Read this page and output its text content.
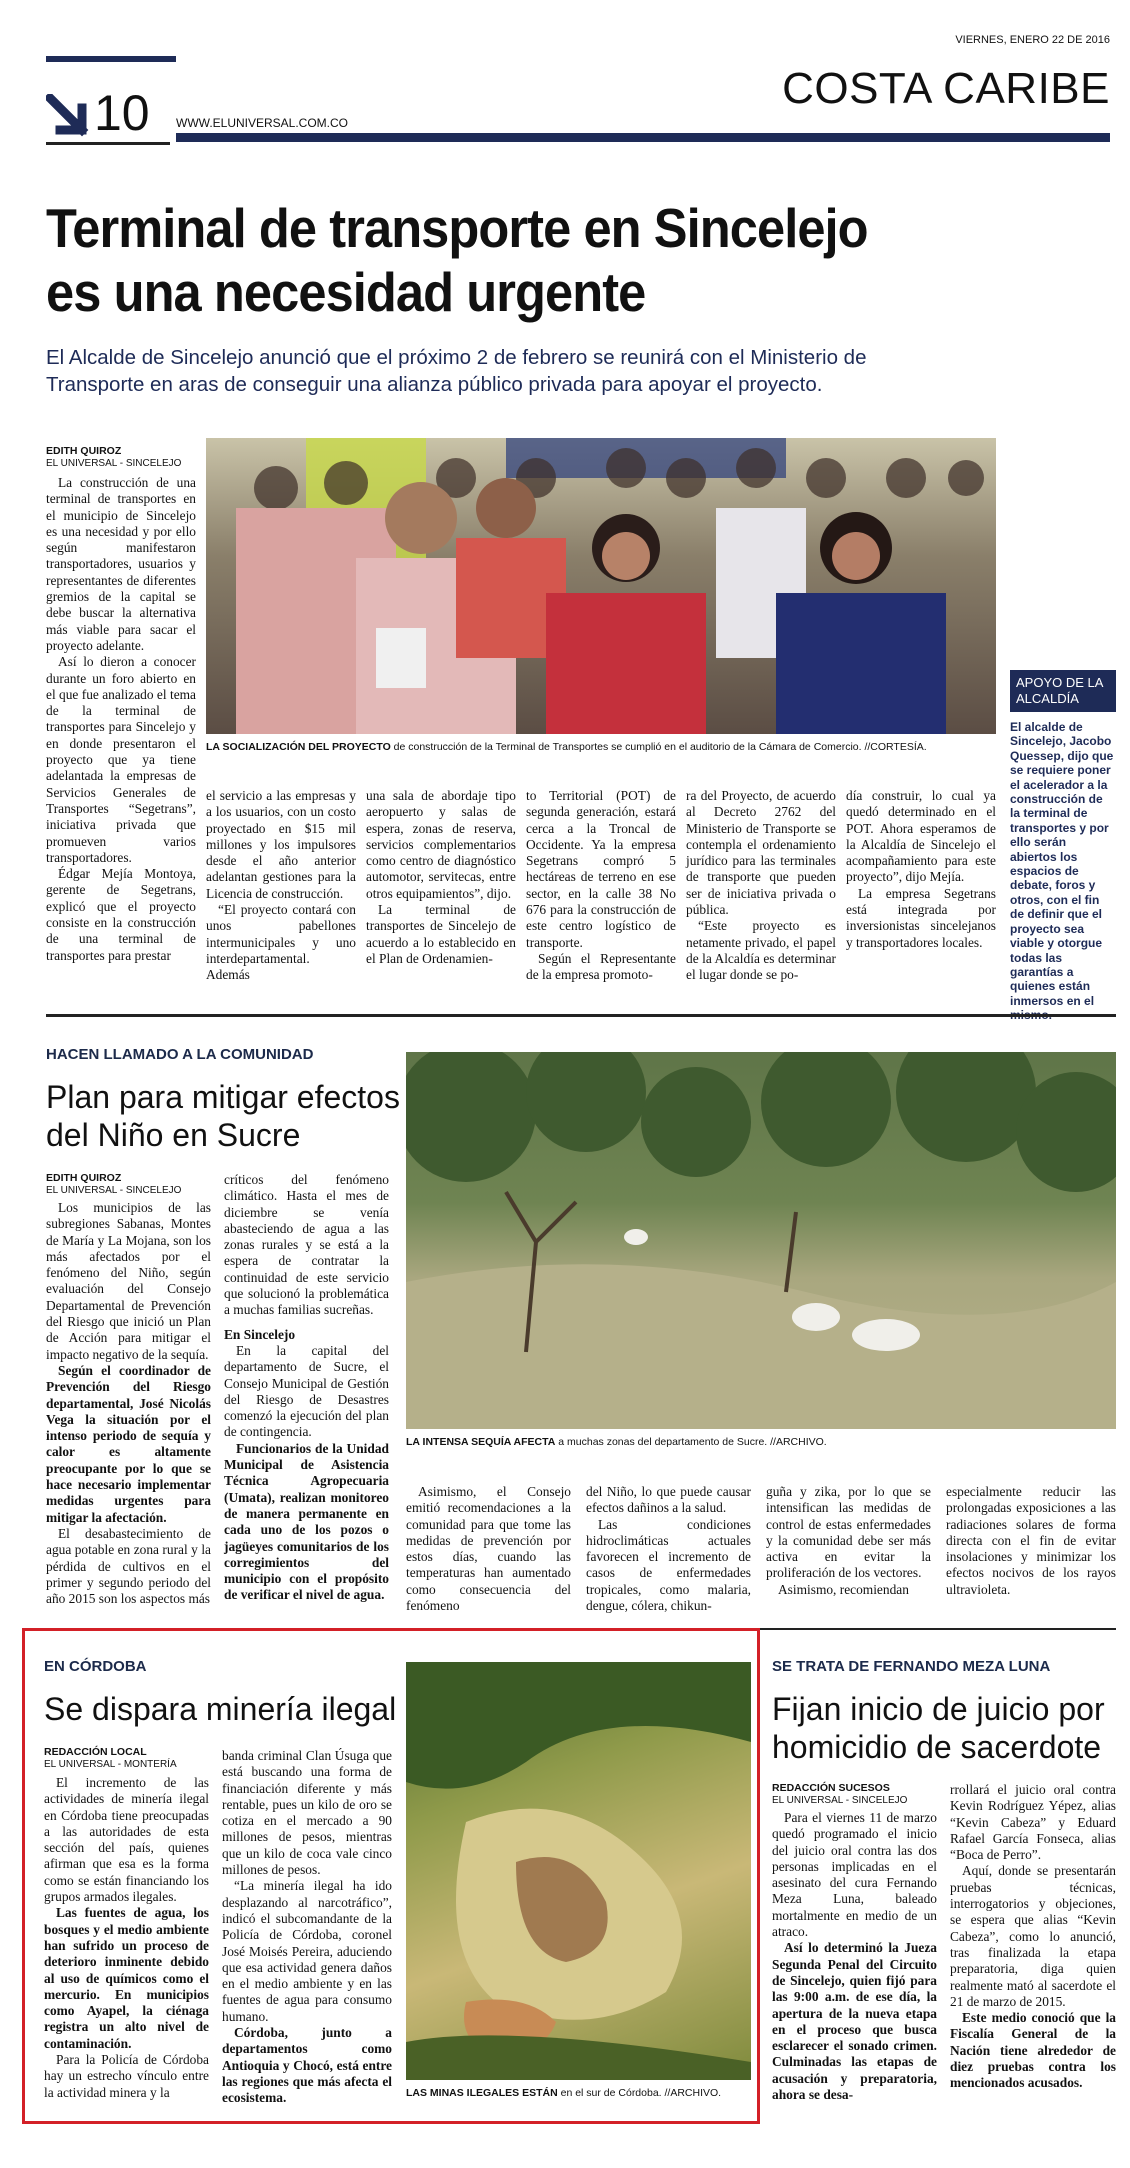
VIERNES, ENERO 22 DE 2016
10 WWW.ELUNIVERSAL.COM.CO
COSTA CARIBE
Terminal de transporte en Sincelejo
es una necesidad urgente
El Alcalde de Sincelejo anunció que el próximo 2 de febrero se reunirá con el Ministerio de
Transporte en aras de conseguir una alianza público privada para apoyar el proyecto.
EDITH QUIROZ
EL UNIVERSAL - SINCELEJO

La construcción de una terminal de transportes en el municipio de Sincelejo es una necesidad y por ello según manifestaron transportadores, usuarios y representantes de diferentes gremios de la capital se debe buscar la alternativa más viable para sacar el proyecto adelante.

Así lo dieron a conocer durante un foro abierto en el que fue analizado el tema de la terminal de transportes para Sincelejo y en donde presentaron el proyecto que ya tiene adelantada la empresas de Servicios Generales de Transportes “Segetrans”, iniciativa privada que promueven varios transportadores.

Édgar Mejía Montoya, gerente de Segetrans, explicó que el proyecto consiste en la construcción de una terminal de transportes para prestar

LA SOCIALIZACIÓN DEL PROYECTO de construcción de la Terminal de Transportes se cumplió en el auditorio de la Cámara de Comercio. //CORTESÍA.

el servicio a las empresas y a los usuarios, con un costo proyectado en $15 mil millones y los impulsores desde el año anterior adelantan gestiones para la Licencia de construcción.

“El proyecto contará con unos pabellones intermunicipales y uno interdepartamental. Además

una sala de abordaje tipo aeropuerto y salas de espera, zonas de reserva, servicios complementarios como centro de diagnóstico automotor, servitecas, entre otros equipamientos”, dijo.

La terminal de transportes de Sincelejo de acuerdo a lo establecido en el Plan de Ordenamien-

to Territorial (POT) de segunda generación, estará cerca a la Troncal de Occidente. Ya la empresa Segetrans compró 5 hectáreas de terreno en ese sector, en la calle 38 No 676 para la construcción de este centro logístico de transporte.

Según el Representante de la empresa promoto-

ra del Proyecto, de acuerdo al Decreto 2762 del Ministerio de Transporte se contempla el ordenamiento jurídico para las terminales de transporte que pueden ser de iniciativa privada o pública.

“Este proyecto es netamente privado, el papel de la Alcaldía es determinar el lugar donde se po-

día construir, lo cual ya quedó determinado en el POT. Ahora esperamos de la Alcaldía de Sincelejo el acompañamiento para este proyecto”, dijo Mejía.

La empresa Segetrans está integrada por inversionistas sincelejanos y transportadores locales.

APOYO DE LA
ALCALDÍA
El alcalde de Sincelejo, Jacobo Quessep, dijo que se requiere poner el acelerador a la construcción de la terminal de transportes y por ello serán abiertos los espacios de debate, foros y otros, con el fin de definir que el proyecto sea viable y otorgue todas las garantías a quienes están inmersos en el
HACEN LLAMADO A LA COMUNIDAD
Plan para mitigar efectos
del Niño en Sucre
EDITH QUIROZ
EL UNIVERSAL - SINCELEJO

Los municipios de las subregiones Sabanas, Montes de María y La Mojana, son los más afectados por el fenómeno del Niño, según evaluación del Consejo Departamental de Prevención del Riesgo que inició un Plan de Acción para mitigar el impacto negativo de la sequía.

Según el coordinador de Prevención del Riesgo departamental, José Nicolás Vega la situación por el intenso periodo de sequía y calor es altamente preocupante por lo que se hace necesario implementar medidas urgentes para mitigar la afectación.

El desabastecimiento de agua potable en zona rural y la pérdida de cultivos en el primer y segundo periodo del año 2015 son los aspectos más

críticos del fenómeno climático. Hasta el mes de diciembre se venía abasteciendo de agua a las zonas rurales y se está a la espera de contratar la continuidad de este servicio que solucionó la problemática a muchas familias sucreñas.

En Sincelejo

En la capital del departamento de Sucre, el Consejo Municipal de Gestión del Riesgo de Desastres comenzó la ejecución del plan de contingencia.

Funcionarios de la Unidad Municipal de Asistencia Técnica Agropecuaria (Umata), realizan monitoreo de manera permanente en cada uno de los pozos o jagüeyes comunitarios de los corregimientos del municipio con el propósito de verificar el nivel de agua.

LA INTENSA SEQUÍA AFECTA a muchas zonas del departamento de Sucre. //ARCHIVO.

Asimismo, el Consejo emitió recomendaciones a la comunidad para que tome las medidas de prevención por estos días, cuando las temperaturas han aumentado como consecuencia del fenómeno

del Niño, lo que puede causar efectos dañinos a la salud.

Las condiciones hidroclimáticas actuales favorecen el incremento de casos de enfermedades tropicales, como malaria, dengue, cólera, chikun-

guña y zika, por lo que se intensifican las medidas de control de estas enfermedades y la comunidad debe ser más activa en evitar la proliferación de los vectores.

Asimismo, recomiendan

especialmente reducir las prolongadas exposiciones a las radiaciones solares de forma directa con el fin de evitar insolaciones y minimizar los efectos nocivos de los rayos ultravioleta.

EN CÓRDOBA
Se dispara minería ilegal
REDACCIÓN LOCAL
EL UNIVERSAL - MONTERÍA

El incremento de las actividades de minería ilegal en Córdoba tiene preocupadas a las autoridades de esta sección del país, quienes afirman que esa es la forma como se están financiando los grupos armados ilegales.

Las fuentes de agua, los bosques y el medio ambiente han sufrido un proceso de deterioro inminente debido al uso de químicos como el mercurio. En municipios como Ayapel, la ciénaga registra un alto nivel de contaminación.

Para la Policía de Córdoba hay un estrecho vínculo entre la actividad minera y la

banda criminal Clan Úsuga que está buscando una forma de financiación diferente y más rentable, pues un kilo de oro se cotiza en el mercado a 90 millones de pesos, mientras que un kilo de coca vale cinco millones de pesos.

“La minería ilegal ha ido desplazando al narcotráfico”, indicó el subcomandante de la Policía de Córdoba, coronel José Moisés Pereira, aduciendo que esa actividad genera daños en el medio ambiente y en las fuentes de agua para consumo humano.

Córdoba, junto a departamentos como Antioquia y Chocó, está entre las regiones que más afecta el ecosistema.	LAS MINAS ILEGALES ESTÁN en el sur de Córdoba. //ARCHIVO.
SE TRATA DE FERNANDO MEZA LUNA
Fijan inicio de juicio por
homicidio de sacerdote
REDACCIÓN SUCESOS
EL UNIVERSAL - SINCELEJO

Para el viernes 11 de marzo quedó programado el inicio del juicio oral contra las dos personas implicadas en el asesinato del cura Fernando Meza Luna, baleado mortalmente en medio de un atraco.

Así lo determinó la Jueza Segunda Penal del Circuito de Sincelejo, quien fijó para las 9:00 a.m. de ese día, la apertura de la nueva etapa en el proceso que busca esclarecer el sonado crimen. Culminadas las etapas de acusación y preparatoria, ahora se desa-

rrollará el juicio oral contra Kevin Rodríguez Yépez, alias “Kevin Cabeza” y Eduard Rafael García Fonseca, alias “Boca de Perro”.

Aquí, donde se presentarán pruebas técnicas, interrogatorios y objeciones, se espera que alias “Kevin Cabeza”, como lo anunció, tras finalizada la etapa preparatoria, diga quien realmente mató al sacerdote el 21 de marzo de 2015.

Este medio conoció que la Fiscalía General de la Nación tiene alrededor de diez pruebas contra los mencionados acusados.
